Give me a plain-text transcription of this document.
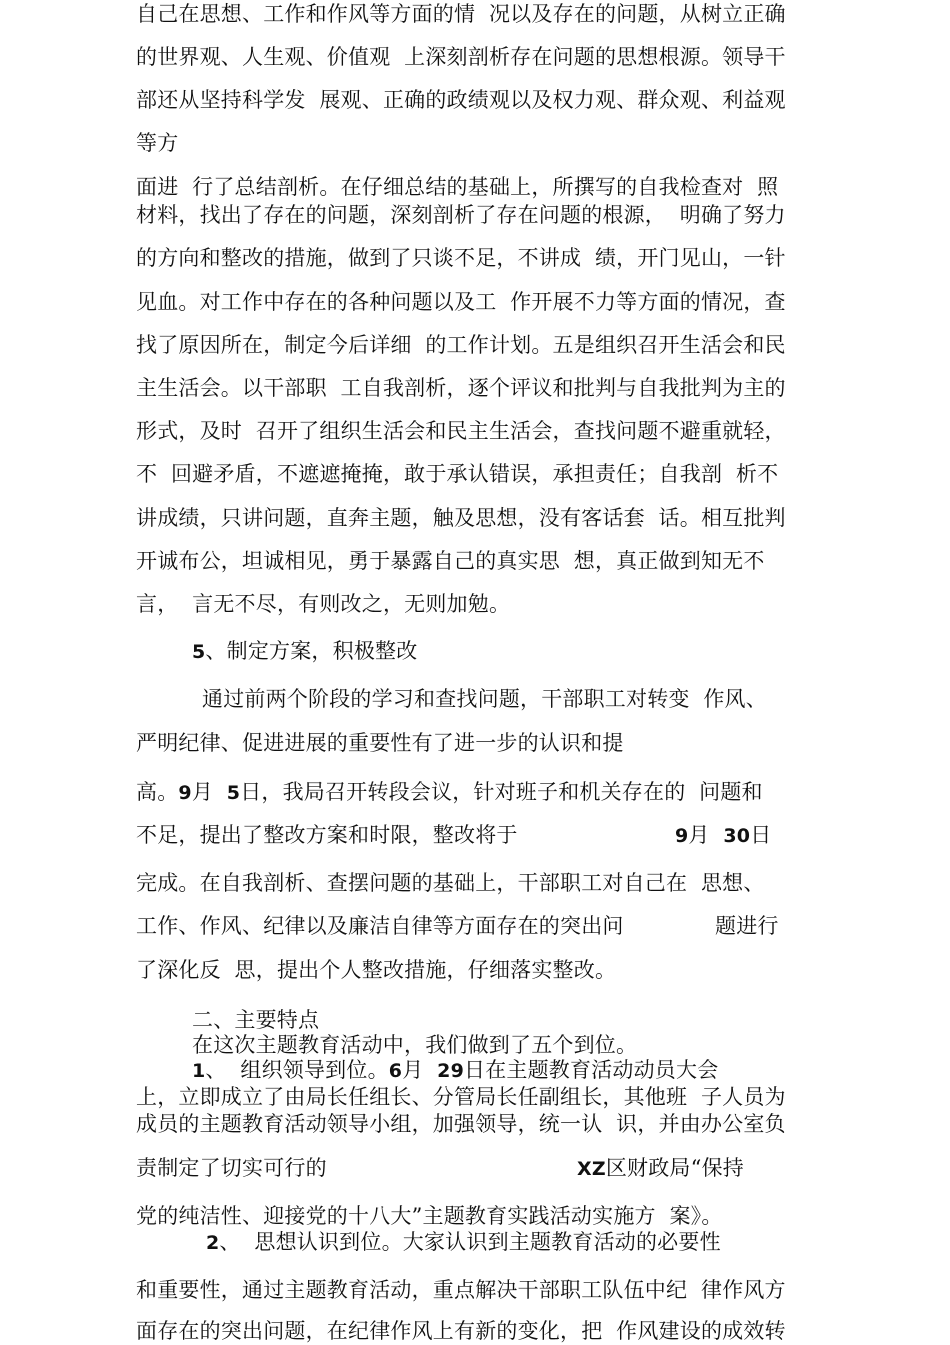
自己在思想、工作和作风等方面的情  况以及存在的问题，从树立正确
的世界观、人生观、价值观  上深刻剖析存在问题的思想根源。领导干
部还从坚持科学发  展观、正确的政绩观以及权力观、群众观、利益观
等方
面进  行了总结剖析。在仔细总结的基础上，所撰写的自我检查对  照
材料，找出了存在的问题，深刻剖析了存在问题的根源，  明确了努力
的方向和整改的措施，做到了只谈不足，不讲成  绩，开门见山，一针
见血。对工作中存在的各种问题以及工  作开展不力等方面的情况，查
找了原因所在，制定今后详细  的工作计划。五是组织召开生活会和民
主生活会。以干部职  工自我剖析，逐个评议和批判与自我批判为主的
形式，及时  召开了组织生活会和民主生活会，查找问题不避重就轻，
不  回避矛盾，不遮遮掩掩，敢于承认错误，承担责任；自我剖  析不
讲成绩，只讲问题，直奔主题，触及思想，没有客话套  话。相互批判
开诚布公，坦诚相见，勇于暴露自己的真实思  想，真正做到知无不
言，  言无不尽，有则改之，无则加勉。
5、制定方案，积极整改
通过前两个阶段的学习和查找问题，干部职工对转变  作风、
严明纪律、促进进展的重要性有了进一步的认识和提
高。9月  5日，我局召开转段会议，针对班子和机关存在的  问题和
不足，提出了整改方案和时限，整改将于	9月  30日
完成。在自我剖析、查摆问题的基础上，干部职工对自己在  思想、
工作、作风、纪律以及廉洁自律等方面存在的突出问	题进行
了深化反  思，提出个人整改措施，仔细落实整改。
二、主要特点
在这次主题教育活动中，我们做到了五个到位。
1、  组织领导到位。6月  29日在主题教育活动动员大会
上，立即成立了由局长任组长、分管局长任副组长，其他班  子人员为
成员的主题教育活动领导小组，加强领导，统一认  识，并由办公室负
责制定了切实可行的	XZ区财政局“保持
党的纯洁性、迎接党的十八大”主题教育实践活动实施方  案》。
2、  思想认识到位。大家认识到主题教育活动的必要性
和重要性，通过主题教育活动，重点解决干部职工队伍中纪  律作风方
面存在的突出问题，在纪律作风上有新的变化，把  作风建设的成效转
